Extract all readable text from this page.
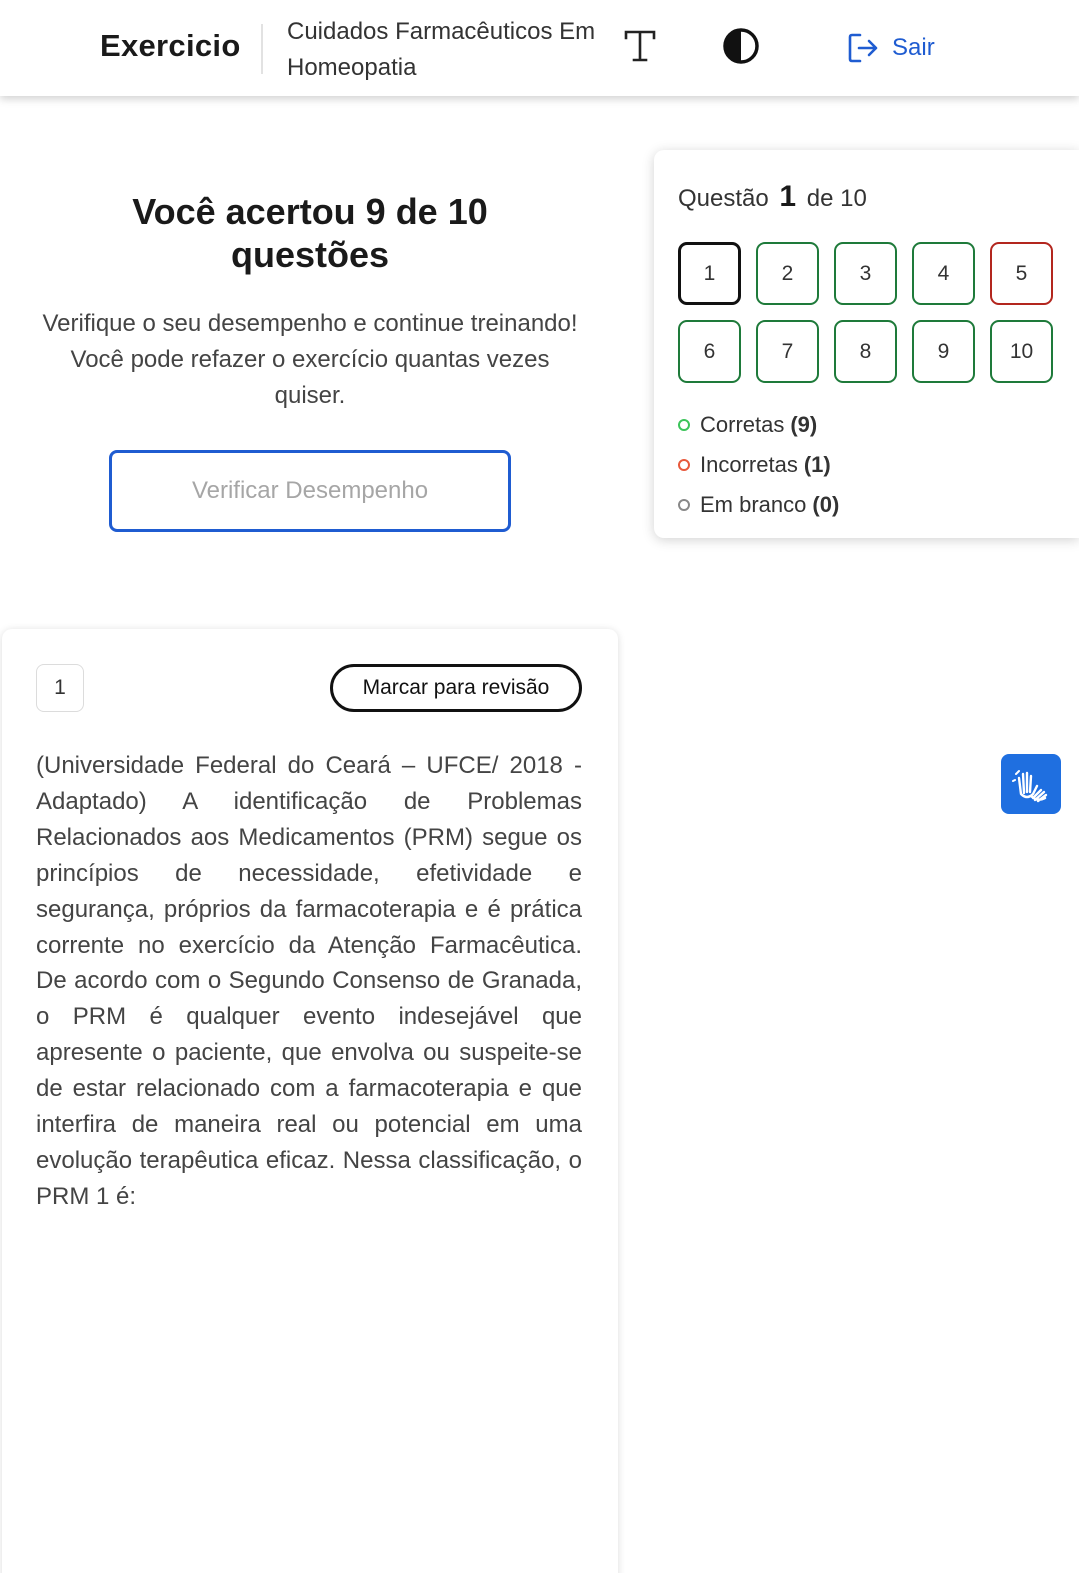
Exercicio Cuidados Farmacêuticos Em Homeopatia
Sair
Você acertou 9 de 10 questões

Verifique o seu desempenho e continue treinando! Você pode refazer o exercício quantas vezes quiser.

Verificar Desempenho
Questão 1 de 10
1	2	3	4	5
6	7	8	9	10
Corretas (9)
Incorretas (1)
Em branco (0)
1	Marcar para revisão
(Universidade Federal do Ceará – UFCE/ 2018 - Adaptado) A identificação de Problemas Relacionados aos Medicamentos (PRM) segue os princípios de necessidade, efetividade e segurança, próprios da farmacoterapia e é prática corrente no exercício da Atenção Farmacêutica. De acordo com o Segundo Consenso de Granada, o PRM é qualquer evento indesejável que apresente o paciente, que envolva ou suspeite-se de estar relacionado com a farmacoterapia e que interfira de maneira real ou potencial em uma evolução terapêutica eficaz. Nessa classificação, o PRM 1 é:
